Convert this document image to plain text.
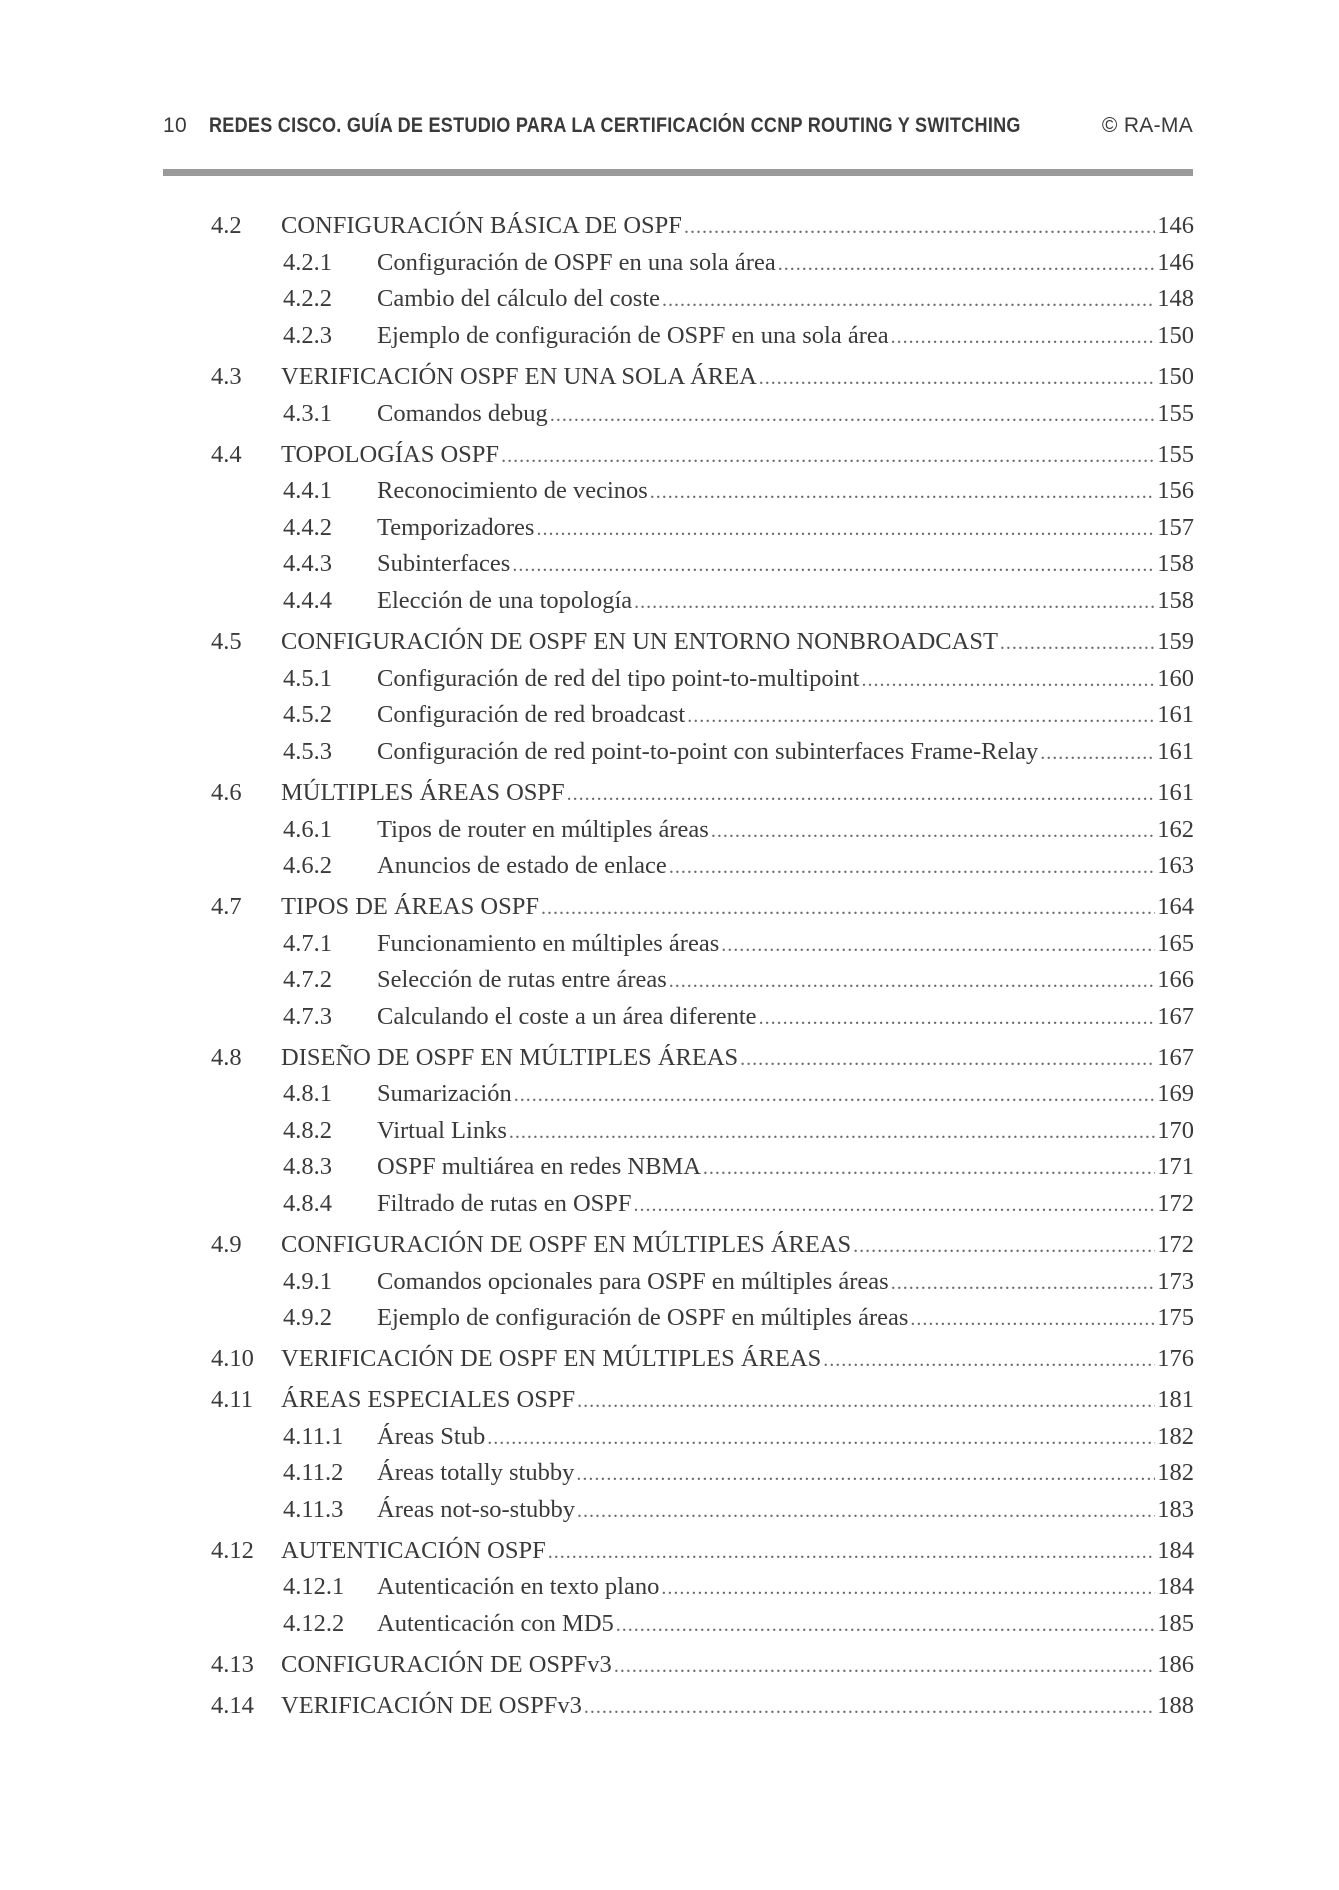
10 REDES CISCO. GUÍA DE ESTUDIO PARA LA CERTIFICACIÓN CCNP ROUTING Y SWITCHING	© RA-MA
4.2	CONFIGURACIÓN BÁSICA DE OSPF .....	146
4.2.1	Configuración de OSPF en una sola área .....	146
4.2.2	Cambio del cálculo del coste .....	148
4.2.3	Ejemplo de configuración de OSPF en una sola área .....	150
4.3	VERIFICACIÓN OSPF EN UNA SOLA ÁREA .....	150
4.3.1	Comandos debug .....	155
4.4	TOPOLOGÍAS OSPF .....	155
4.4.1	Reconocimiento de vecinos .....	156
4.4.2	Temporizadores .....	157
4.4.3	Subinterfaces .....	158
4.4.4	Elección de una topología .....	158
4.5	CONFIGURACIÓN DE OSPF EN UN ENTORNO NONBROADCAST .....	159
4.5.1	Configuración de red del tipo point-to-multipoint .....	160
4.5.2	Configuración de red broadcast .....	161
4.5.3	Configuración de red point-to-point con subinterfaces Frame-Relay .....	161
4.6	MÚLTIPLES ÁREAS OSPF .....	161
4.6.1	Tipos de router en múltiples áreas .....	162
4.6.2	Anuncios de estado de enlace .....	163
4.7	TIPOS DE ÁREAS OSPF .....	164
4.7.1	Funcionamiento en múltiples áreas .....	165
4.7.2	Selección de rutas entre áreas .....	166
4.7.3	Calculando el coste a un área diferente .....	167
4.8	DISEÑO DE OSPF EN MÚLTIPLES ÁREAS .....	167
4.8.1	Sumarización .....	169
4.8.2	Virtual Links .....	170
4.8.3	OSPF multiárea en redes NBMA .....	171
4.8.4	Filtrado de rutas en OSPF .....	172
4.9	CONFIGURACIÓN DE OSPF EN MÚLTIPLES ÁREAS .....	172
4.9.1	Comandos opcionales para OSPF en múltiples áreas .....	173
4.9.2	Ejemplo de configuración de OSPF en múltiples áreas .....	175
4.10	VERIFICACIÓN DE OSPF EN MÚLTIPLES ÁREAS .....	176
4.11	ÁREAS ESPECIALES OSPF .....	181
4.11.1	Áreas Stub .....	182
4.11.2	Áreas totally stubby .....	182
4.11.3	Áreas not-so-stubby .....	183
4.12	AUTENTICACIÓN OSPF .....	184
4.12.1	Autenticación en texto plano .....	184
4.12.2	Autenticación con MD5 .....	185
4.13	CONFIGURACIÓN DE OSPFv3 .....	186
4.14	VERIFICACIÓN DE OSPFv3 .....	188
